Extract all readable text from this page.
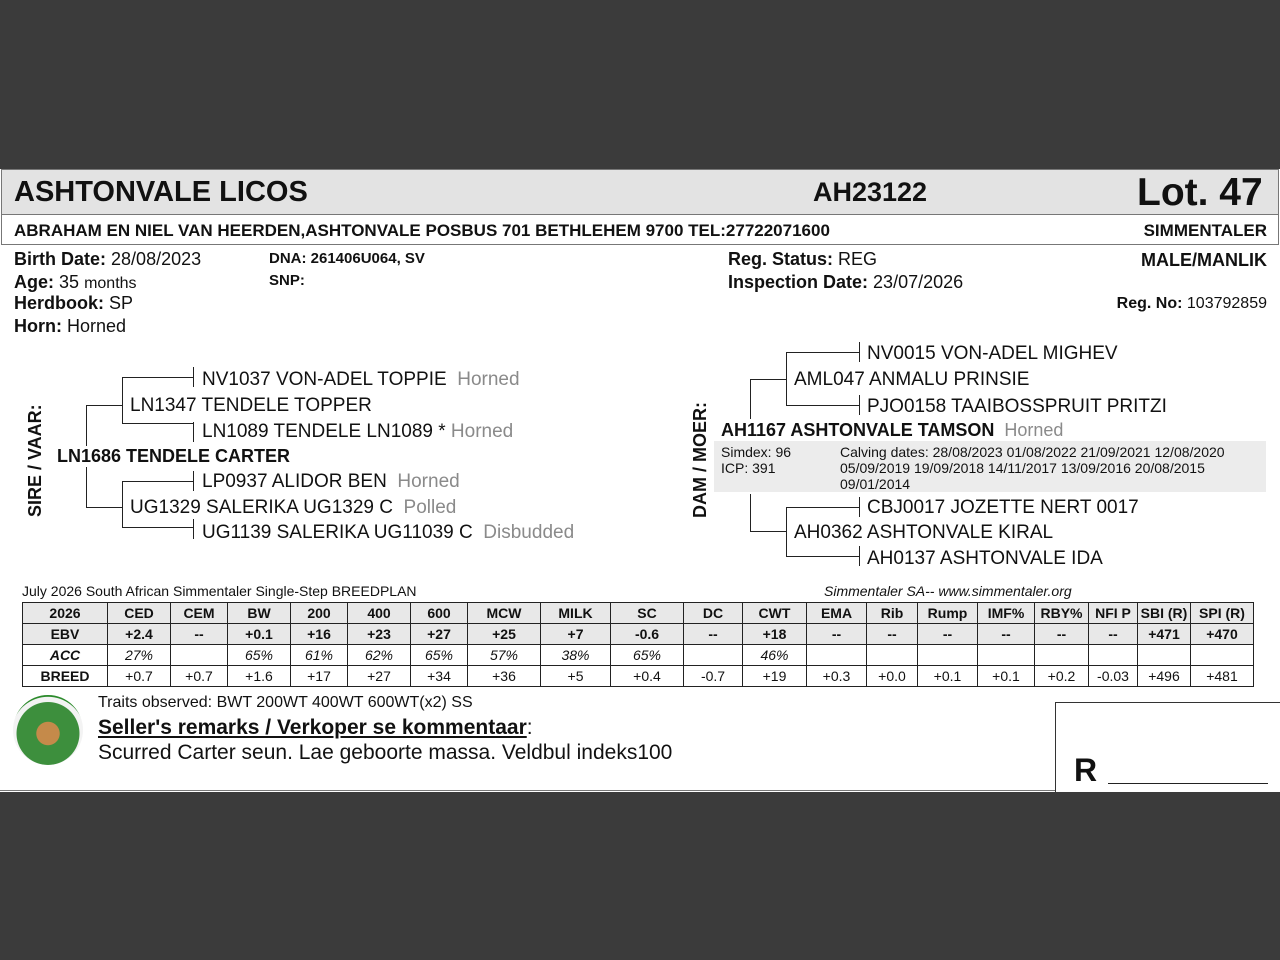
ASHTONVALE LICOS	AH23122	Lot. 47
ABRAHAM EN NIEL VAN HEERDEN,ASHTONVALE POSBUS 701 BETHLEHEM 9700 TEL:27722071600	SIMMENTALER
Birth Date: 28/08/2023
Age: 35 months
Herdbook: SP
Horn: Horned
DNA: 261406U064, SV
SNP:
Reg. Status: REG
Inspection Date: 23/07/2026
MALE/MANLIK
Reg. No: 103792859
SIRE / VAAR:
NV1037 VON-ADEL TOPPIE Horned
LN1347 TENDELE TOPPER
LN1089 TENDELE LN1089 * Horned
LN1686 TENDELE CARTER
LP0937 ALIDOR BEN Horned
UG1329 SALERIKA UG1329 C Polled
UG1139 SALERIKA UG11039 C Disbudded
DAM / MOER:
NV0015 VON-ADEL MIGHEV
AML047 ANMALU PRINSIE
PJO0158 TAAIBOSSPRUIT PRITZI
AH1167 ASHTONVALE TAMSON Horned
Simdex: 96
ICP: 391
Calving dates: 28/08/2023 01/08/2022 21/09/2021 12/08/2020
05/09/2019 19/09/2018 14/11/2017 13/09/2016 20/08/2015
09/01/2014
CBJ0017 JOZETTE NERT 0017
AH0362 ASHTONVALE KIRAL
AH0137 ASHTONVALE IDA
July 2026 South African Simmentaler Single-Step BREEDPLAN	Simmentaler SA-- www.simmentaler.org
2026	CED	CEM	BW	200	400	600	MCW	MILK	SC	DC	CWT	EMA	Rib	Rump	IMF%	RBY%	NFI P	SBI (R)	SPI (R)
EBV	+2.4	--	+0.1	+16	+23	+27	+25	+7	-0.6	--	+18	--	--	--	--	--	--	+471	+470
ACC	27%		65%	61%	62%	65%	57%	38%	65%		46%								
BREED	+0.7	+0.7	+1.6	+17	+27	+34	+36	+5	+0.4	-0.7	+19	+0.3	+0.0	+0.1	+0.1	+0.2	-0.03	+496	+481
Traits observed: BWT 200WT 400WT 600WT(x2) SS
Seller's remarks / Verkoper se kommentaar:
Scurred Carter seun. Lae geboorte massa. Veldbul indeks100	R
